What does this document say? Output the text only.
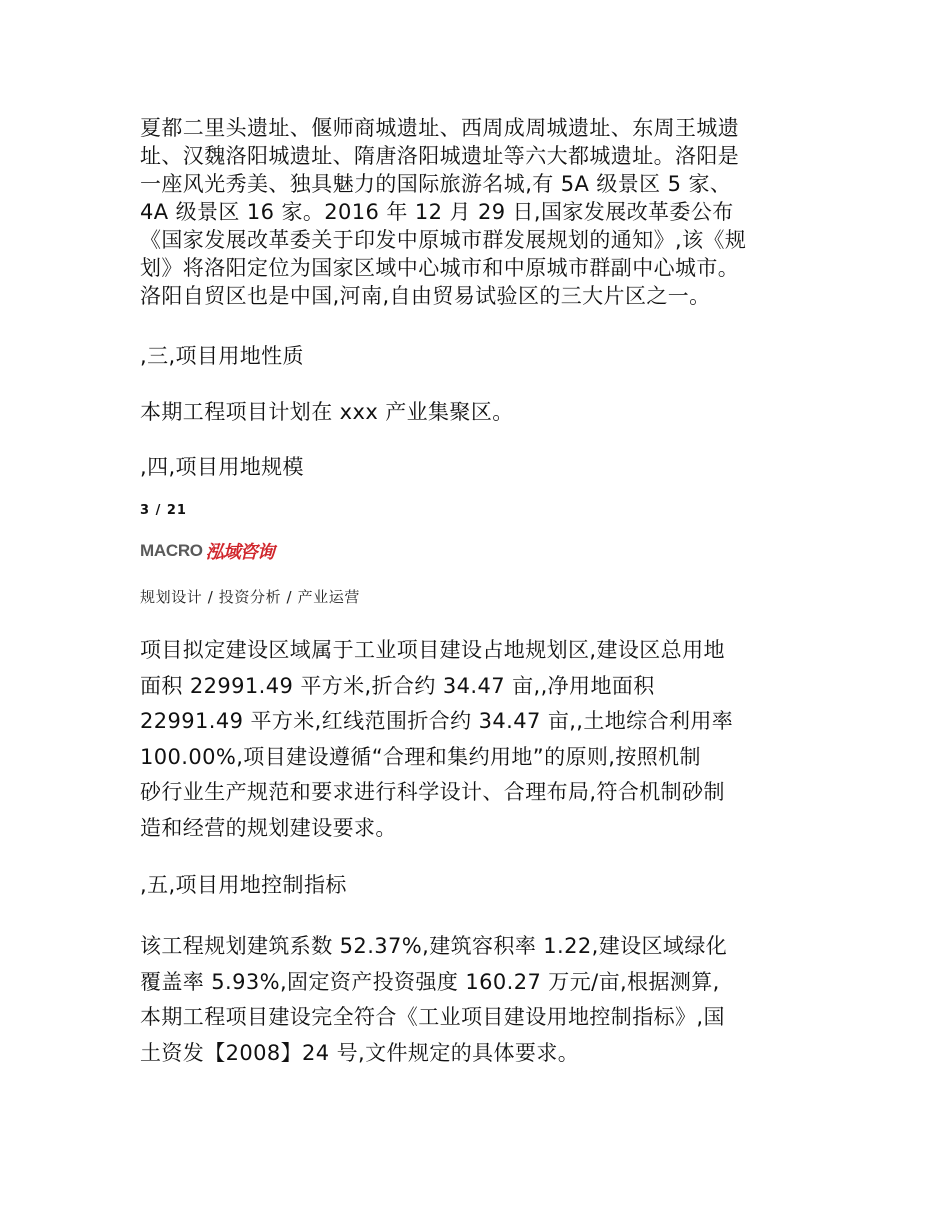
夏都二里头遗址、偃师商城遗址、西周成周城遗址、东周王城遗
址、汉魏洛阳城遗址、隋唐洛阳城遗址等六大都城遗址。洛阳是
一座风光秀美、独具魅力的国际旅游名城,有 5A 级景区 5 家、
4A 级景区 16 家。2016 年 12 月 29 日,国家发展改革委公布
《国家发展改革委关于印发中原城市群发展规划的通知》,该《规
划》将洛阳定位为国家区域中心城市和中原城市群副中心城市。
洛阳自贸区也是中国,河南,自由贸易试验区的三大片区之一。

,三,项目用地性质

本期工程项目计划在 xxx 产业集聚区。

,四,项目用地规模

3 / 21
MACRO 泓域咨询
规划设计 / 投资分析 / 产业运营

项目拟定建设区域属于工业项目建设占地规划区,建设区总用地
面积 22991.49 平方米,折合约 34.47 亩,,净用地面积
22991.49 平方米,红线范围折合约 34.47 亩,,土地综合利用率
100.00%,项目建设遵循“合理和集约用地”的原则,按照机制
砂行业生产规范和要求进行科学设计、合理布局,符合机制砂制
造和经营的规划建设要求。

,五,项目用地控制指标

该工程规划建筑系数 52.37%,建筑容积率 1.22,建设区域绿化
覆盖率 5.93%,固定资产投资强度 160.27 万元/亩,根据测算,
本期工程项目建设完全符合《工业项目建设用地控制指标》,国
土资发【2008】24 号,文件规定的具体要求。
